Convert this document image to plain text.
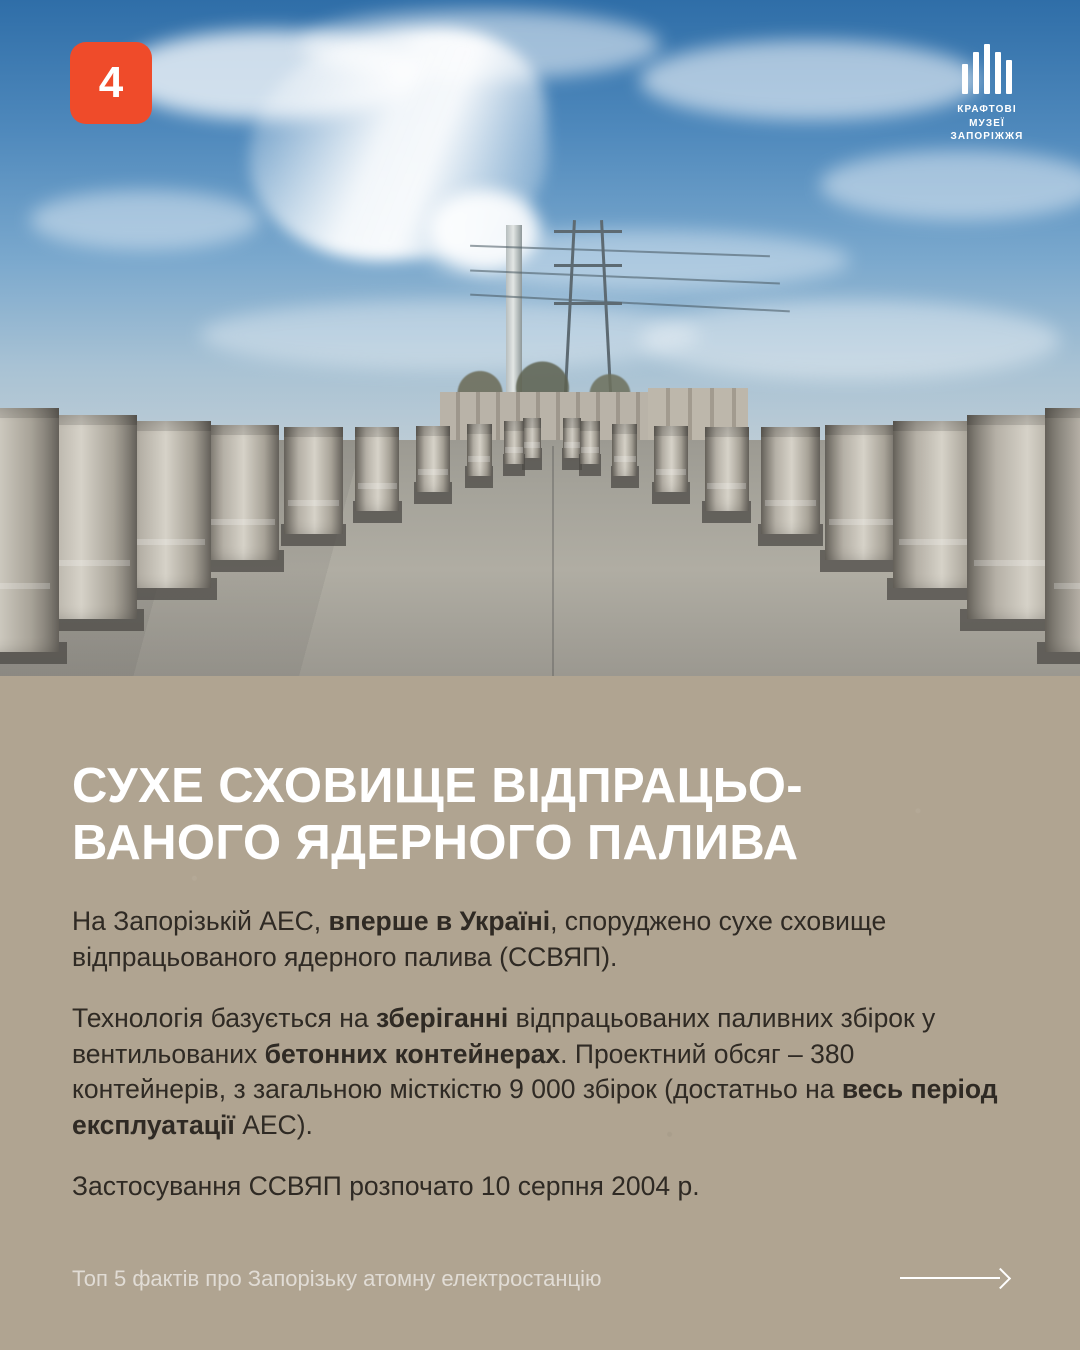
4
КРАФТОВІ
МУЗЕЇ
ЗАПОРІЖЖЯ
СУХЕ СХОВИЩЕ ВІДПРАЦЬО-
ВАНОГО ЯДЕРНОГО ПАЛИВА

На Запорізькій АЕС, вперше в Україні, споруджено сухе сховище відпрацьованого ядерного палива (ССВЯП).

Технологія базується на зберіганні відпрацьованих паливних збірок у вентильованих бетонних контейнерах. Проектний обсяг – 380 контейнерів, з загальною місткістю 9 000 збірок (достатньо на весь період експлуатації АЕС).

Застосування ССВЯП розпочато 10 серпня 2004 р.

Топ 5 фактів про Запорізьку атомну електростанцію
